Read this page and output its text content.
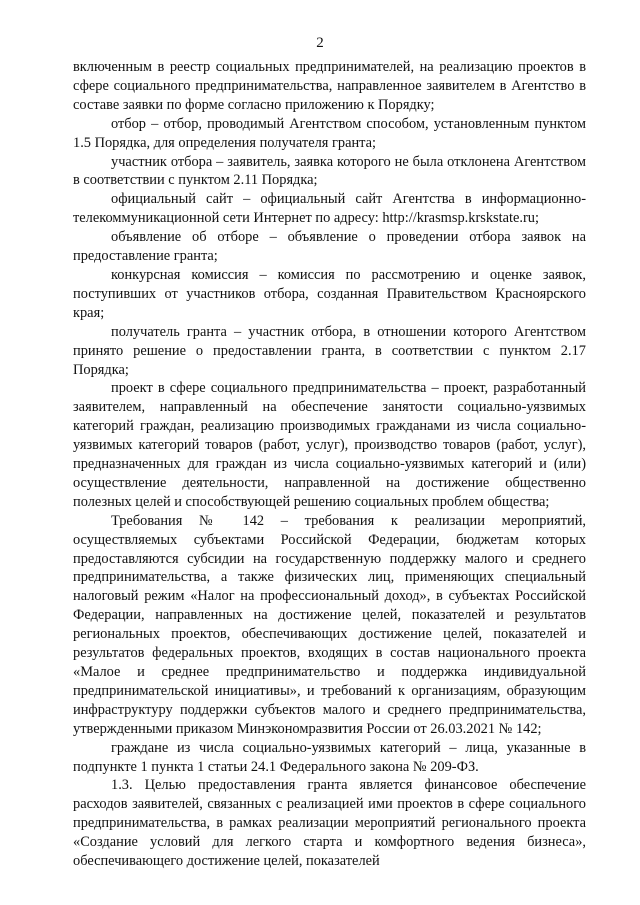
2

включенным в реестр социальных предпринимателей, на реализацию проектов в сфере социального предпринимательства, направленное заявителем в Агентство в составе заявки по форме согласно приложению к Порядку;

отбор – отбор, проводимый Агентством способом, установленным пунктом 1.5 Порядка, для определения получателя гранта;

участник отбора – заявитель, заявка которого не была отклонена Агентством в соответствии с пунктом 2.11 Порядка;

официальный сайт – официальный сайт Агентства в информационно-телекоммуникационной сети Интернет по адресу: http://krasmsp.krskstate.ru;

объявление об отборе – объявление о проведении отбора заявок на предоставление гранта;

конкурсная комиссия – комиссия по рассмотрению и оценке заявок, поступивших от участников отбора, созданная Правительством Красноярского края;

получатель гранта – участник отбора, в отношении которого Агентством принято решение о предоставлении гранта, в соответствии с пунктом 2.17 Порядка;

проект в сфере социального предпринимательства – проект, разработанный заявителем, направленный на обеспечение занятости социально-уязвимых категорий граждан, реализацию производимых гражданами из числа социально-уязвимых категорий товаров (работ, услуг), производство товаров (работ, услуг), предназначенных для граждан из числа социально-уязвимых категорий и (или) осуществление деятельности, направленной на достижение общественно полезных целей и способствующей решению социальных проблем общества;

Требования № 142 – требования к реализации мероприятий, осуществляемых субъектами Российской Федерации, бюджетам которых предоставляются субсидии на государственную поддержку малого и среднего предпринимательства, а также физических лиц, применяющих специальный налоговый режим «Налог на профессиональный доход», в субъектах Российской Федерации, направленных на достижение целей, показателей и результатов региональных проектов, обеспечивающих достижение целей, показателей и результатов федеральных проектов, входящих в состав национального проекта «Малое и среднее предпринимательство и поддержка индивидуальной предпринимательской инициативы», и требований к организациям, образующим инфраструктуру поддержки субъектов малого и среднего предпринимательства, утвержденными приказом Минэкономразвития России от 26.03.2021 № 142;

граждане из числа социально-уязвимых категорий – лица, указанные в подпункте 1 пункта 1 статьи 24.1 Федерального закона № 209-ФЗ.

1.3. Целью предоставления гранта является финансовое обеспечение расходов заявителей, связанных с реализацией ими проектов в сфере социального предпринимательства, в рамках реализации мероприятий регионального проекта «Создание условий для легкого старта и комфортного ведения бизнеса», обеспечивающего достижение целей, показателей
